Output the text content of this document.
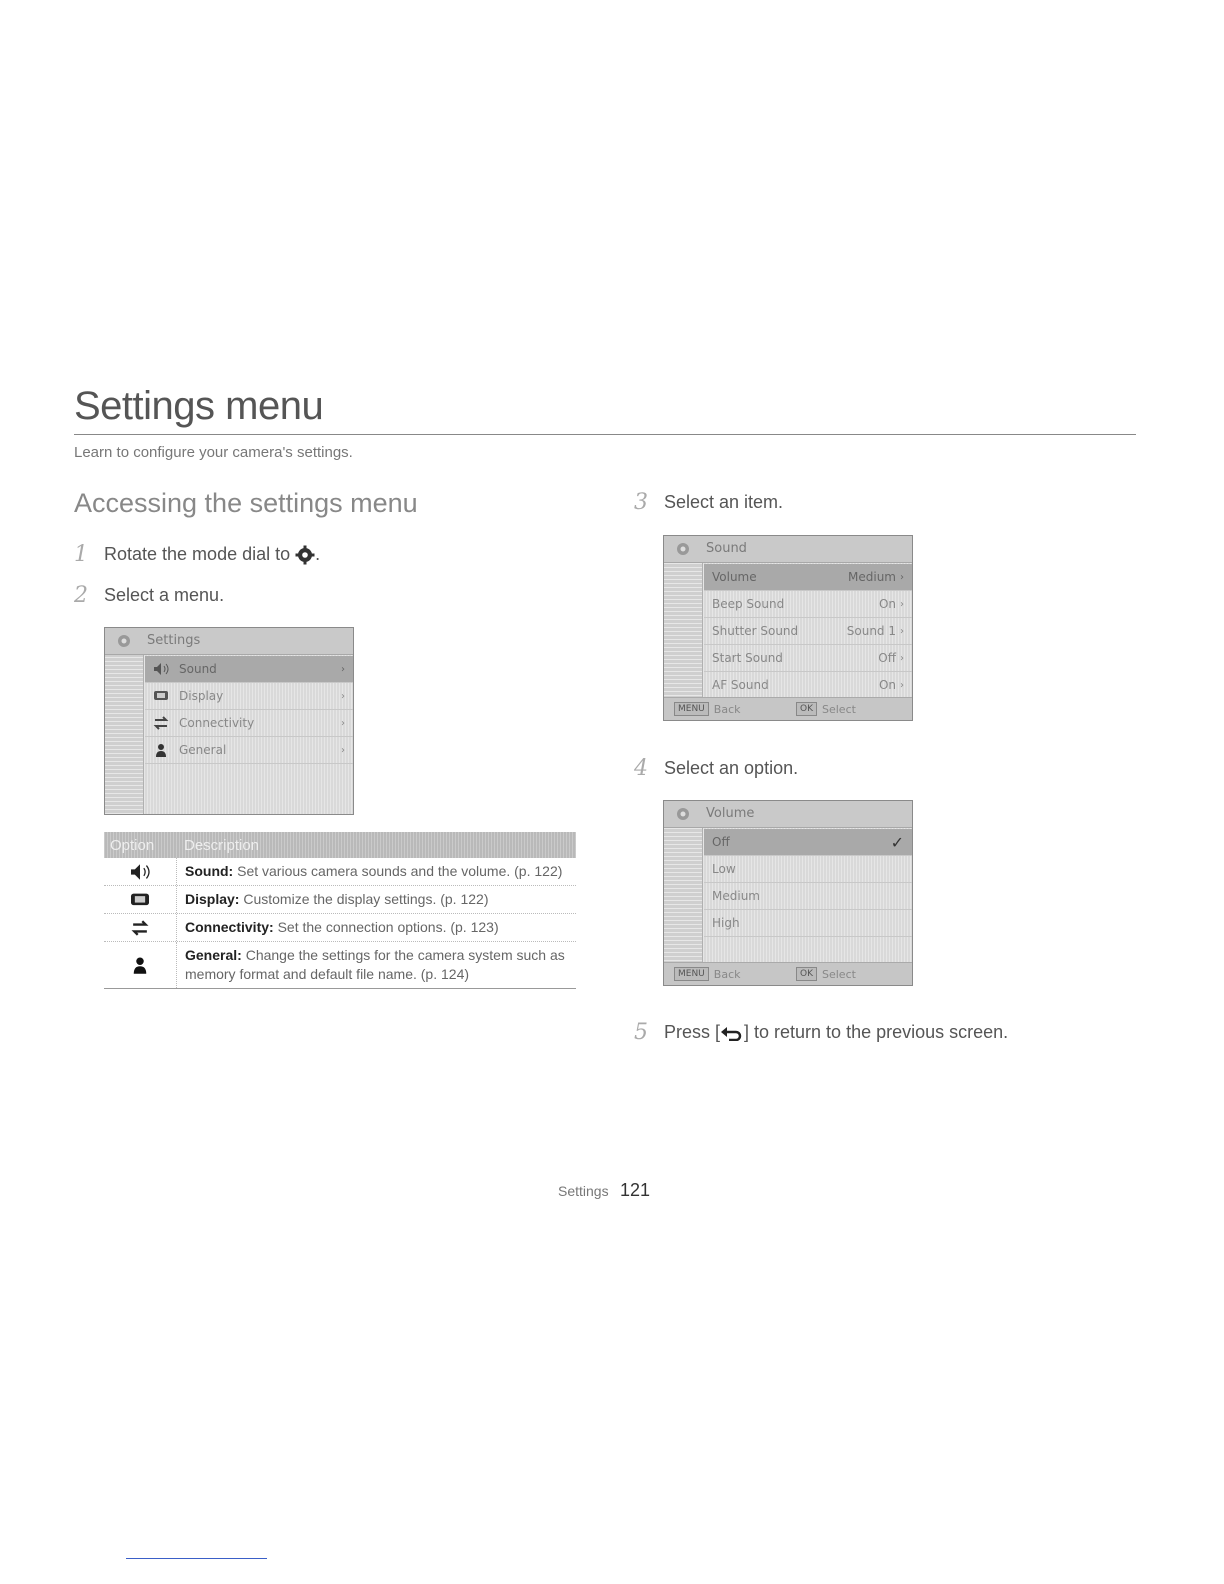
Settings menu
Learn to configure your camera's settings.
Accessing the settings menu
1 Rotate the mode dial to .
2 Select a menu.
Settings
Sound	›
Display	›
Connectivity	›
General	›
Option	Description
Sound: Set various camera sounds and the volume. (p. 122)
Display: Customize the display settings. (p. 122)
Connectivity: Set the connection options. (p. 123)
General: Change the settings for the camera system such as memory format and default file name. (p. 124)
3 Select an item.
Sound
Volume	Medium ›
Beep Sound	On ›
Shutter Sound	Sound 1 ›
Start Sound	Off ›
AF Sound	On ›
MENU Back	OK Select
4 Select an option.
Volume
Off	✓
Low
Medium
High
MENU Back	OK Select
5 Press [ ] to return to the previous screen.
Settings 121
